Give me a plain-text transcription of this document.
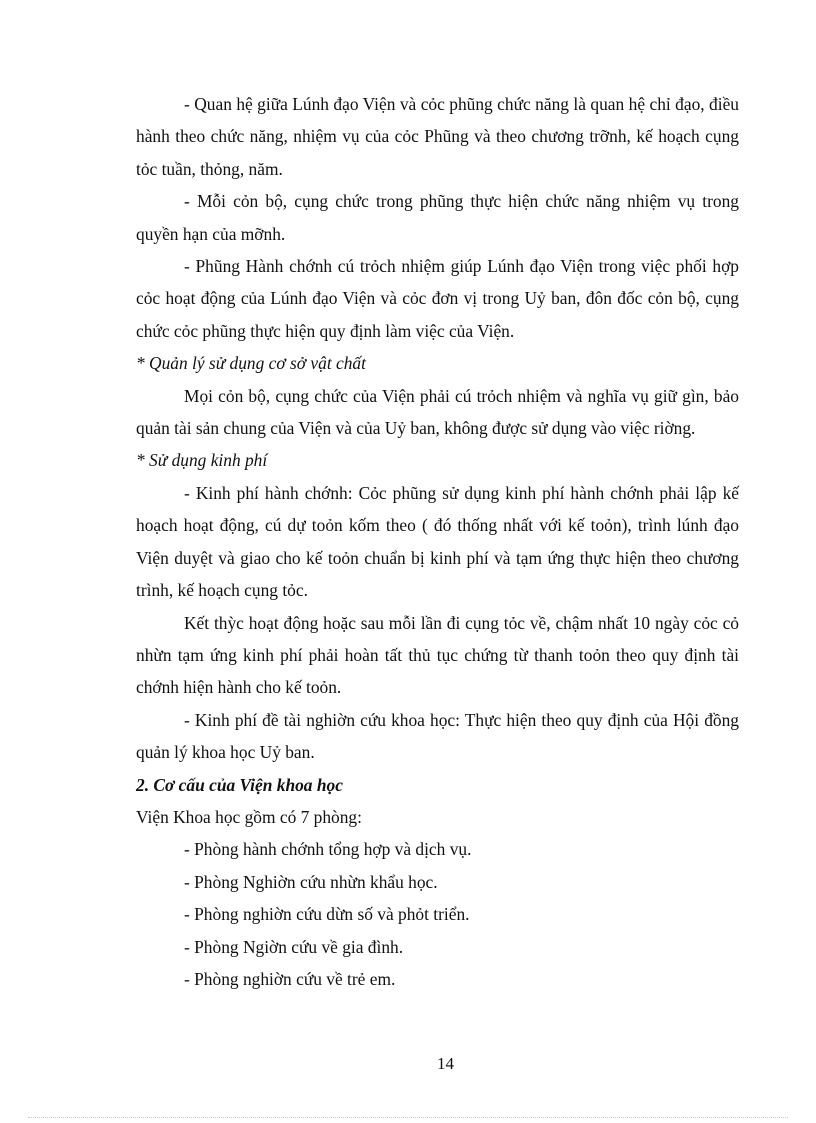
- Quan hệ giữa Lúnh đạo Viện và cỏc phũng chức năng là quan hệ chỉ đạo, điều hành theo chức năng, nhiệm vụ của cỏc Phũng và theo chương trỡnh, kế hoạch cụng tỏc tuần, thỏng, năm.

- Mỗi cỏn bộ, cụng chức trong phũng thực hiện chức năng nhiệm vụ trong quyền hạn của mỡnh.

- Phũng Hành chớnh cú trỏch nhiệm giúp Lúnh đạo Viện trong việc phối hợp cỏc hoạt động của Lúnh đạo Viện và cỏc đơn vị trong Uỷ ban, đôn đốc cỏn bộ, cụng chức cỏc phũng thực hiện quy định làm việc của Viện.

* Quản lý sử dụng cơ sở vật chất

Mọi cỏn bộ, cụng chức của Viện phải cú trỏch nhiệm và nghĩa vụ giữ gìn, bảo quản tài sản chung của Viện và của Uỷ ban, không được sử dụng vào việc riờng.

* Sử dụng kinh phí

- Kinh phí hành chớnh: Cỏc phũng sử dụng kinh phí hành chớnh phải lập kế hoạch hoạt động, cú dự toỏn kốm theo ( đó thống nhất với kế toỏn), trình lúnh đạo Viện duyệt và giao cho kế toỏn chuẩn bị kinh phí và tạm ứng thực hiện theo chương trình, kế hoạch cụng tỏc.

Kết thỳc hoạt động hoặc sau mỗi lần đi cụng tỏc về, chậm nhất 10 ngày cỏc cỏ nhừn tạm ứng kinh phí phải hoàn tất thủ tục chứng từ thanh toỏn theo quy định tài chớnh hiện hành cho kế toỏn.

- Kinh phí đề tài nghiờn cứu khoa học: Thực hiện theo quy định của Hội đồng quản lý khoa học Uỷ ban.

2. Cơ cấu của Viện khoa học

Viện Khoa học gồm có 7 phòng:

- Phòng hành chớnh tổng hợp và dịch vụ.

- Phòng Nghiờn cứu nhừn khẩu học.

- Phòng nghiờn cứu dừn số và phỏt triển.

- Phòng Ngiờn cứu về gia đình.

- Phòng nghiờn cứu về trẻ em.

14
